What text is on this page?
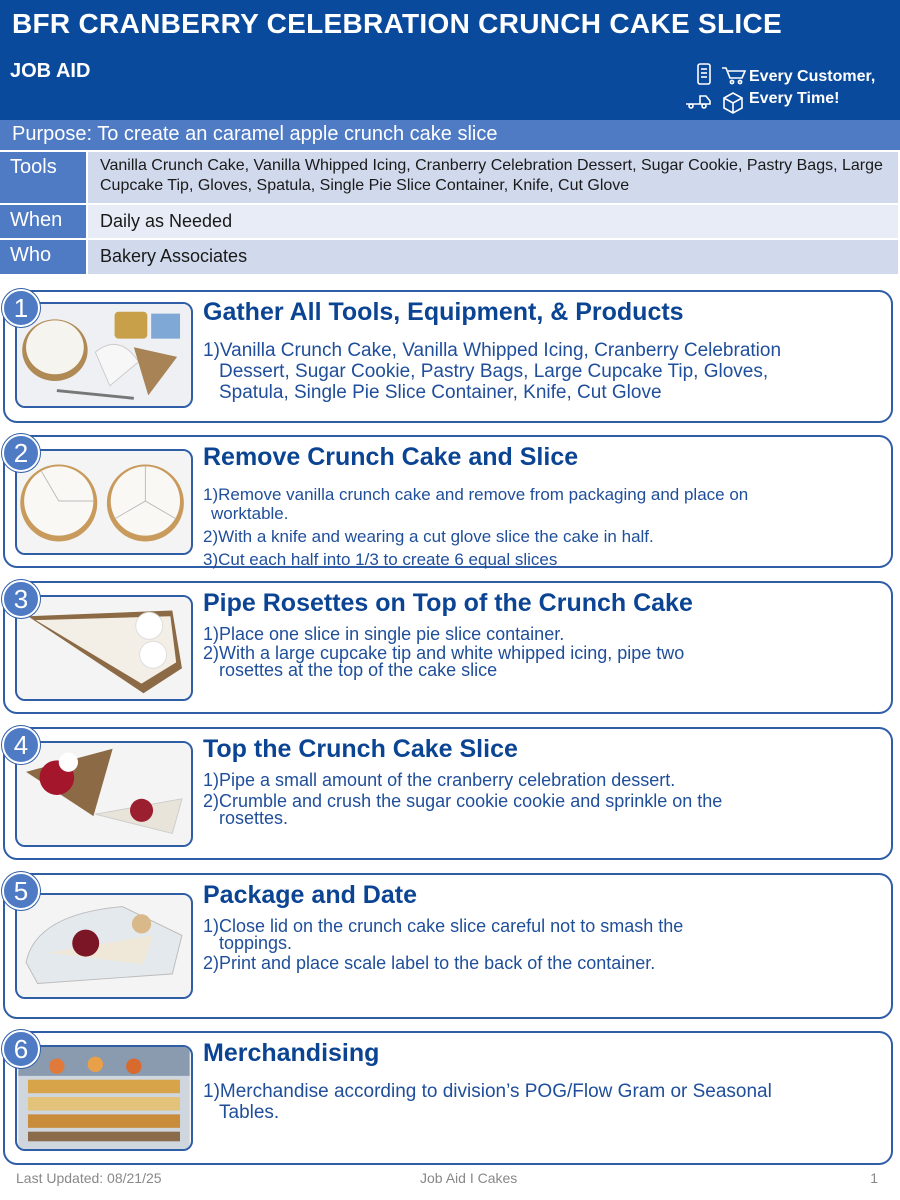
BFR CRANBERRY CELEBRATION CRUNCH CAKE SLICE
JOB AID	Every Customer,
Every Time!
Purpose: To create an caramel apple crunch cake slice
Tools	Vanilla Crunch Cake, Vanilla Whipped Icing, Cranberry Celebration Dessert, Sugar Cookie, Pastry Bags, Large Cupcake Tip, Gloves, Spatula, Single Pie Slice Container, Knife, Cut Glove
When	Daily as Needed
Who	Bakery Associates
1	Gather All Tools, Equipment, & Products
1)Vanilla Crunch Cake, Vanilla Whipped Icing, Cranberry Celebration
Dessert, Sugar Cookie, Pastry Bags, Large Cupcake Tip, Gloves,
Spatula, Single Pie Slice Container, Knife, Cut Glove
2	Remove Crunch Cake and Slice
1)Remove vanilla crunch cake and remove from packaging and place on
worktable.
2)With a knife and wearing a cut glove slice the cake in half.
3)Cut each half into 1/3 to create 6 equal slices
3	Pipe Rosettes on Top of the Crunch Cake
1)Place one slice in single pie slice container.
2)With a large cupcake tip and white whipped icing, pipe two
rosettes at the top of the cake slice
4	Top the Crunch Cake Slice
1)Pipe a small amount of the cranberry celebration dessert.
2)Crumble and crush the sugar cookie cookie and sprinkle on the
rosettes.
5	Package and Date
1)Close lid on the crunch cake slice careful not to smash the
toppings.
2)Print and place scale label to the back of the container.
6	Merchandising
1)Merchandise according to division’s POG/Flow Gram or Seasonal
Tables.
Last Updated: 08/21/25	Job Aid I Cakes	1
